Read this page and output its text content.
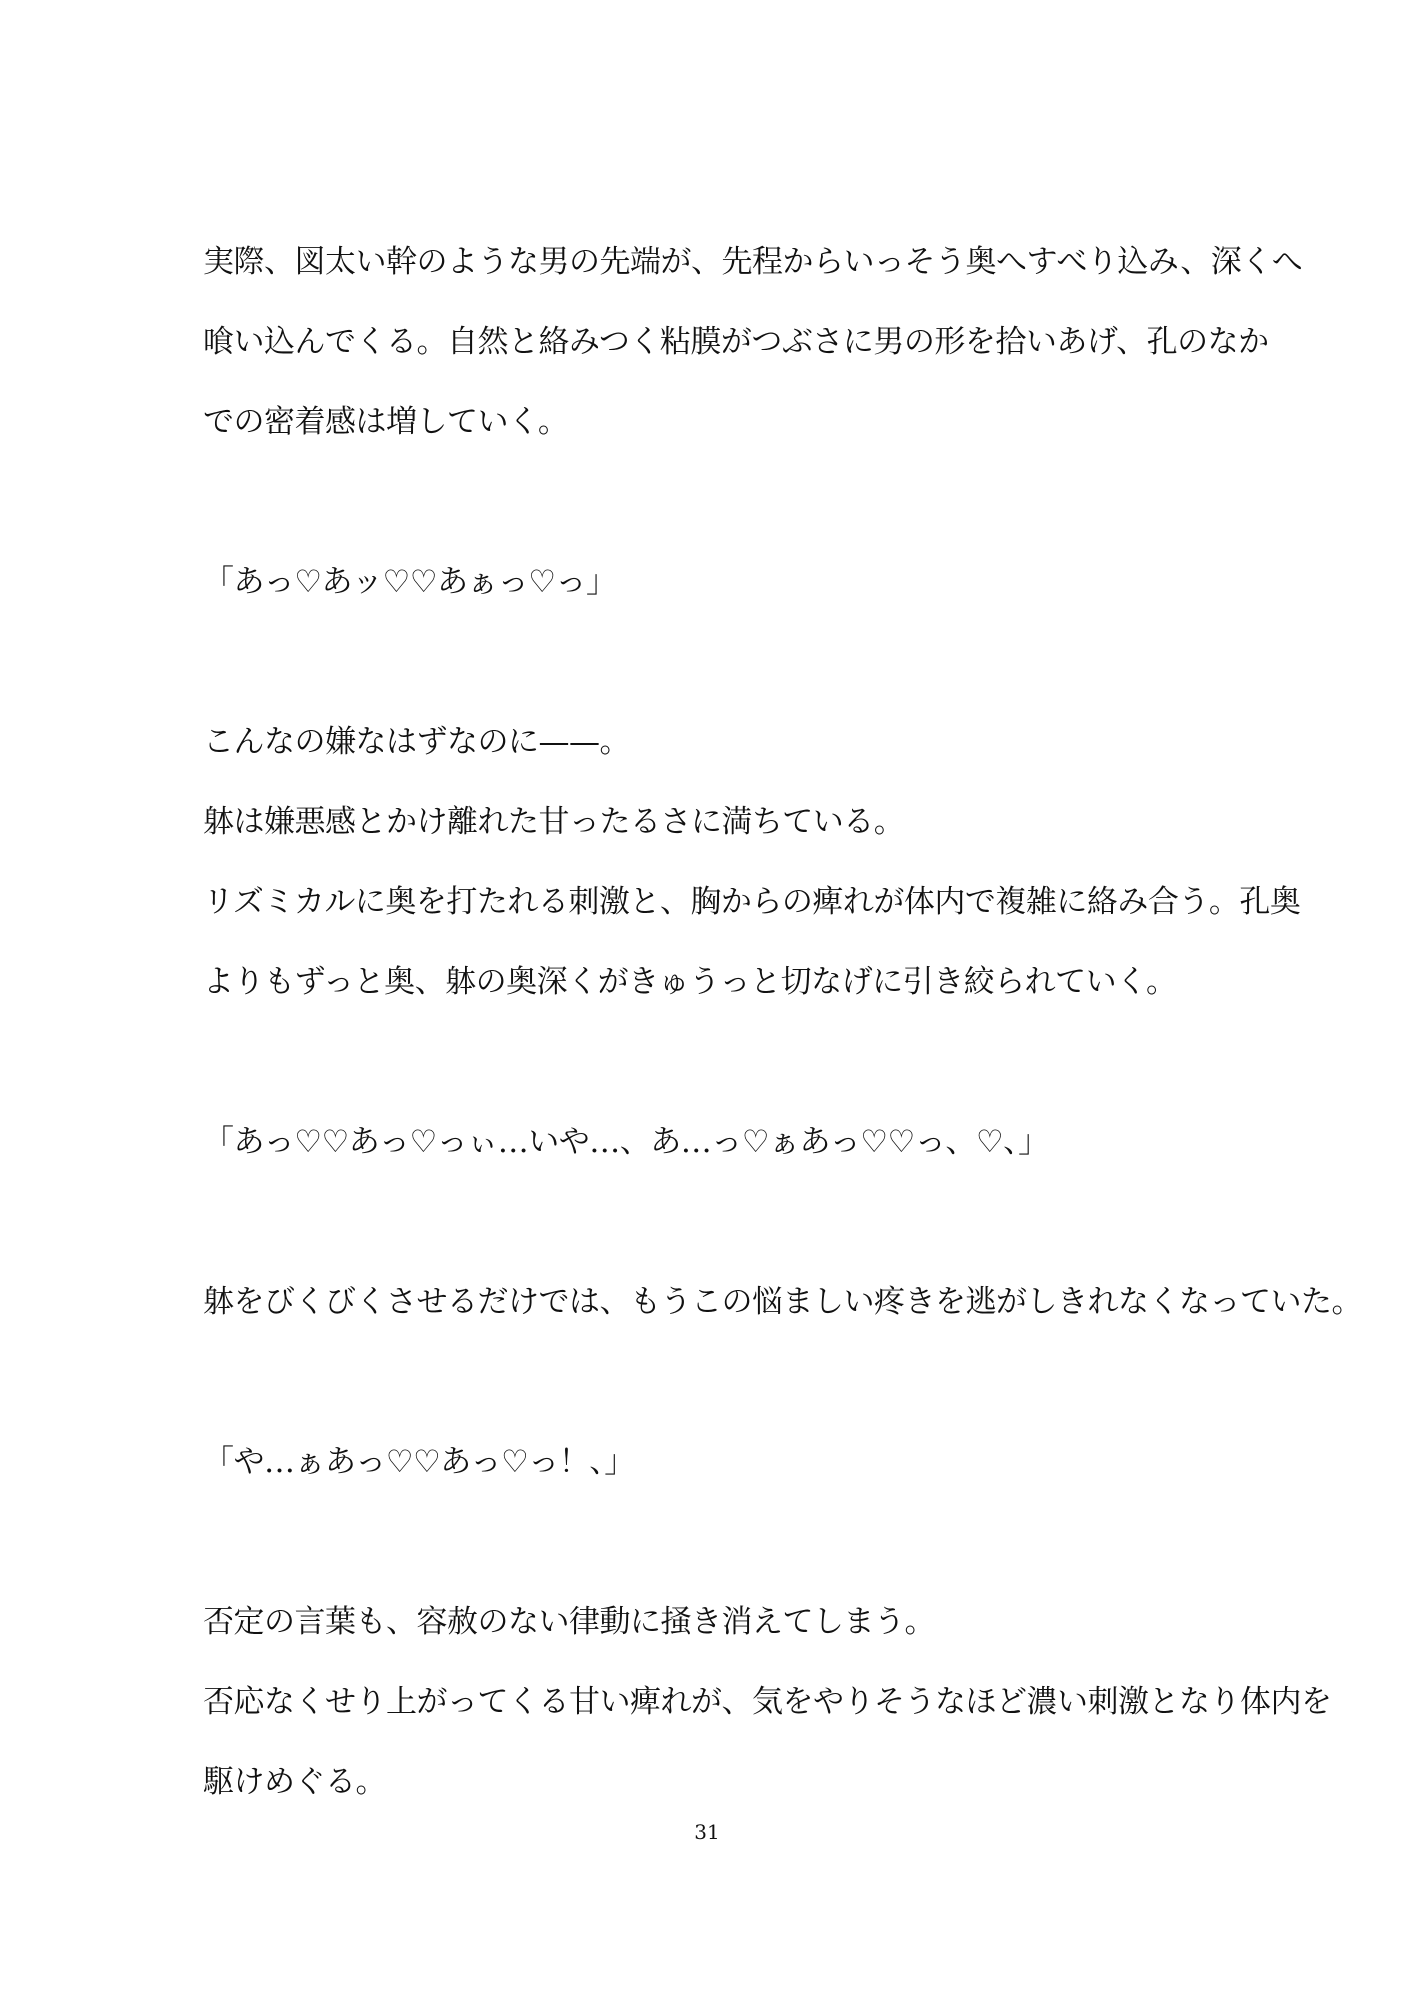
実際、図太い幹のような男の先端が、先程からいっそう奥へすべり込み、深くへ
喰い込んでくる。自然と絡みつく粘膜がつぶさに男の形を拾いあげ、孔のなか
での密着感は増していく。
「あっ♡あッ♡♡あぁっ♡っ」
こんなの嫌なはずなのに——。
躰は嫌悪感とかけ離れた甘ったるさに満ちている。
リズミカルに奥を打たれる刺激と、胸からの痺れが体内で複雑に絡み合う。孔奥
よりもずっと奥、躰の奥深くがきゅうっと切なげに引き絞られていく。
「あっ♡♡あっ♡っぃ…いや…、あ…っ♡ぁあっ♡♡っ、♡、」
躰をびくびくさせるだけでは、もうこの悩ましい疼きを逃がしきれなくなっていた。
「や…ぁあっ♡♡あっ♡っ！、」
否定の言葉も、容赦のない律動に掻き消えてしまう。
否応なくせり上がってくる甘い痺れが、気をやりそうなほど濃い刺激となり体内を
駆けめぐる。
31
